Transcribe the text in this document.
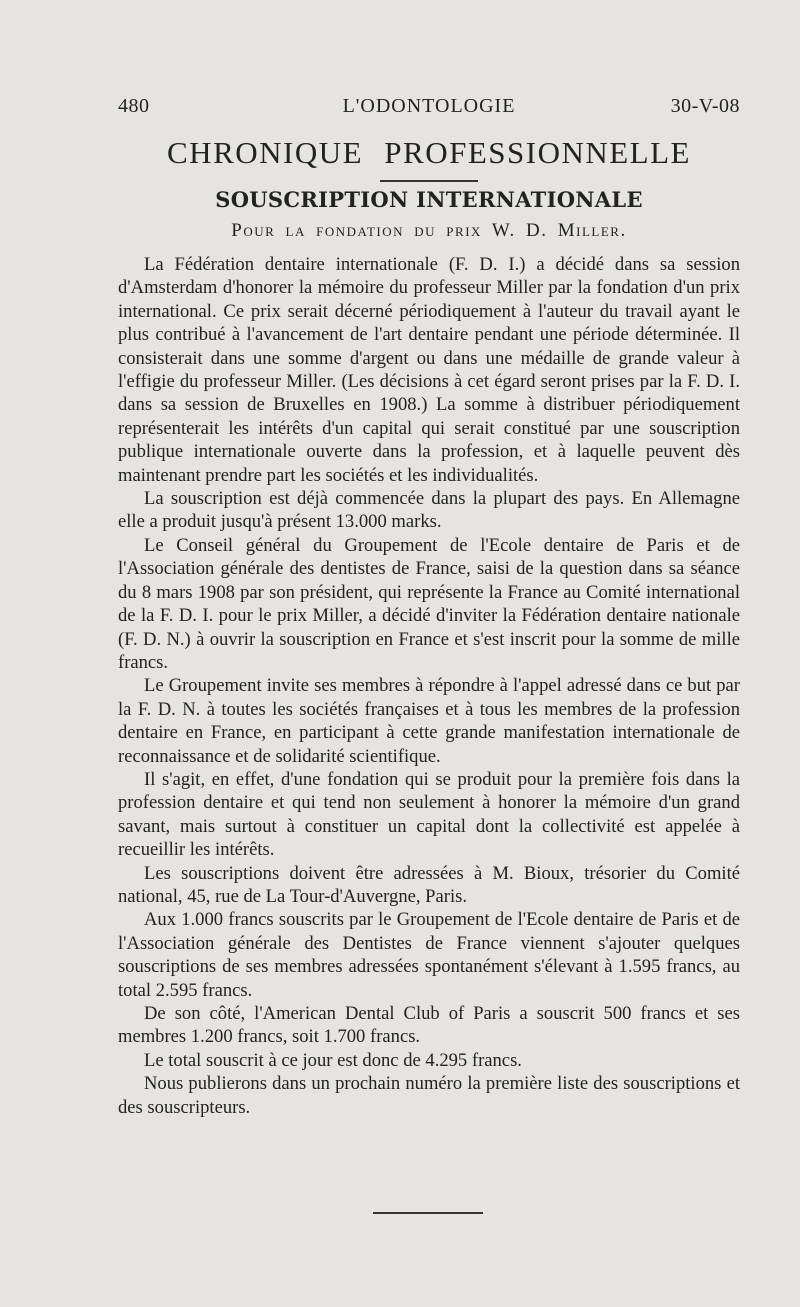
480	L'ODONTOLOGIE	30-V-08
CHRONIQUE PROFESSIONNELLE
SOUSCRIPTION INTERNATIONALE
Pour la fondation du prix W. D. Miller.

La Fédération dentaire internationale (F. D. I.) a décidé dans sa session d'Amsterdam d'honorer la mémoire du professeur Miller par la fondation d'un prix international. Ce prix serait décerné périodiquement à l'auteur du travail ayant le plus contribué à l'avancement de l'art dentaire pendant une période déterminée. Il consisterait dans une somme d'argent ou dans une médaille de grande valeur à l'effigie du professeur Miller. (Les décisions à cet égard seront prises par la F. D. I. dans sa session de Bruxelles en 1908.) La somme à distribuer périodiquement représenterait les intérêts d'un capital qui serait constitué par une souscription publique internationale ouverte dans la profession, et à laquelle peuvent dès maintenant prendre part les sociétés et les individualités.

La souscription est déjà commencée dans la plupart des pays. En Allemagne elle a produit jusqu'à présent 13.000 marks.

Le Conseil général du Groupement de l'Ecole dentaire de Paris et de l'Association générale des dentistes de France, saisi de la question dans sa séance du 8 mars 1908 par son président, qui représente la France au Comité international de la F. D. I. pour le prix Miller, a décidé d'inviter la Fédération dentaire nationale (F. D. N.) à ouvrir la souscription en France et s'est inscrit pour la somme de mille francs.

Le Groupement invite ses membres à répondre à l'appel adressé dans ce but par la F. D. N. à toutes les sociétés françaises et à tous les membres de la profession dentaire en France, en participant à cette grande manifestation internationale de reconnaissance et de solidarité scientifique.

Il s'agit, en effet, d'une fondation qui se produit pour la première fois dans la profession dentaire et qui tend non seulement à honorer la mémoire d'un grand savant, mais surtout à constituer un capital dont la collectivité est appelée à recueillir les intérêts.

Les souscriptions doivent être adressées à M. Bioux, trésorier du Comité national, 45, rue de La Tour-d'Auvergne, Paris.

Aux 1.000 francs souscrits par le Groupement de l'Ecole dentaire de Paris et de l'Association générale des Dentistes de France viennent s'ajouter quelques souscriptions de ses membres adressées spontanément s'élevant à 1.595 francs, au total 2.595 francs.

De son côté, l'American Dental Club of Paris a souscrit 500 francs et ses membres 1.200 francs, soit 1.700 francs.

Le total souscrit à ce jour est donc de 4.295 francs.

Nous publierons dans un prochain numéro la première liste des souscriptions et des souscripteurs.
